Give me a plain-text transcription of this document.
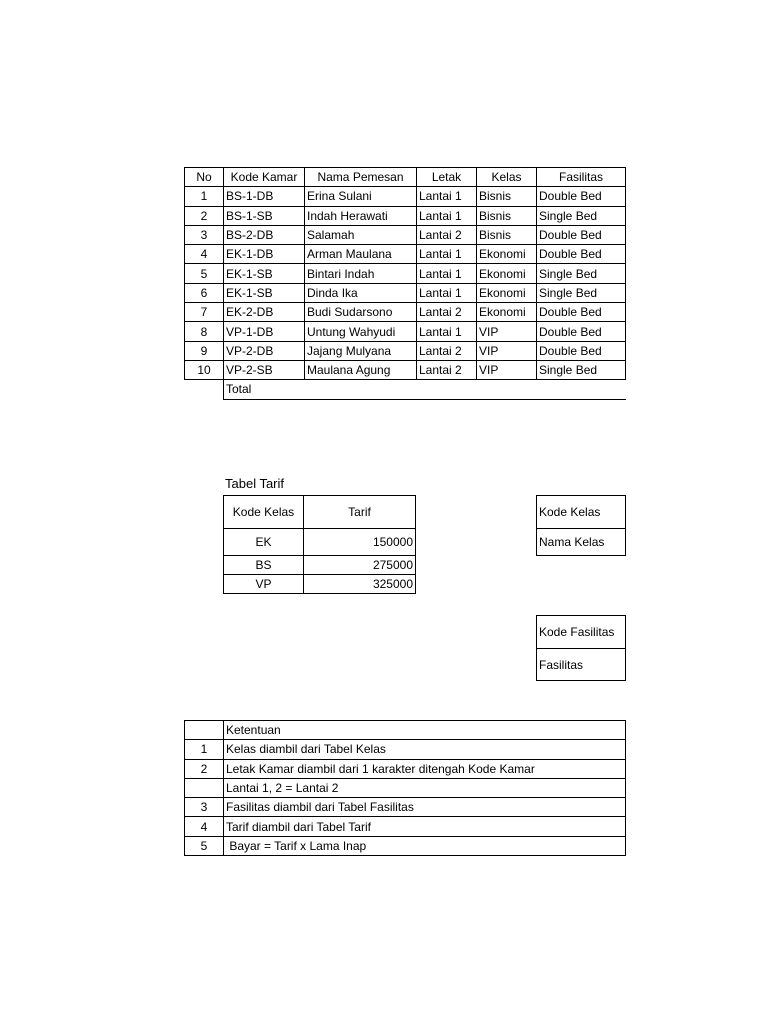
No	Kode Kamar	Nama Pemesan	Letak	Kelas	Fasilitas
1	BS-1-DB	Erina Sulani	Lantai 1	Bisnis	Double Bed
2	BS-1-SB	Indah Herawati	Lantai 1	Bisnis	Single Bed
3	BS-2-DB	Salamah	Lantai 2	Bisnis	Double Bed
4	EK-1-DB	Arman Maulana	Lantai 1	Ekonomi	Double Bed
5	EK-1-SB	Bintari Indah	Lantai 1	Ekonomi	Single Bed
6	EK-1-SB	Dinda Ika	Lantai 1	Ekonomi	Single Bed
7	EK-2-DB	Budi Sudarsono	Lantai 2	Ekonomi	Double Bed
8	VP-1-DB	Untung Wahyudi	Lantai 1	VIP	Double Bed
9	VP-2-DB	Jajang Mulyana	Lantai 2	VIP	Double Bed
10	VP-2-SB	Maulana Agung	Lantai 2	VIP	Single Bed
	Total				
Tabel Tarif
Kode Kelas	Tarif
EK	150000
BS	275000
VP	325000
Kode Kelas
Nama Kelas
Kode Fasilitas
Fasilitas
	Ketentuan
1	Kelas diambil dari Tabel Kelas
2	Letak Kamar diambil dari 1 karakter ditengah Kode Kamar
	Lantai 1, 2 = Lantai 2
3	Fasilitas diambil dari Tabel Fasilitas
4	Tarif diambil dari Tabel Tarif
5	Bayar = Tarif x Lama Inap
